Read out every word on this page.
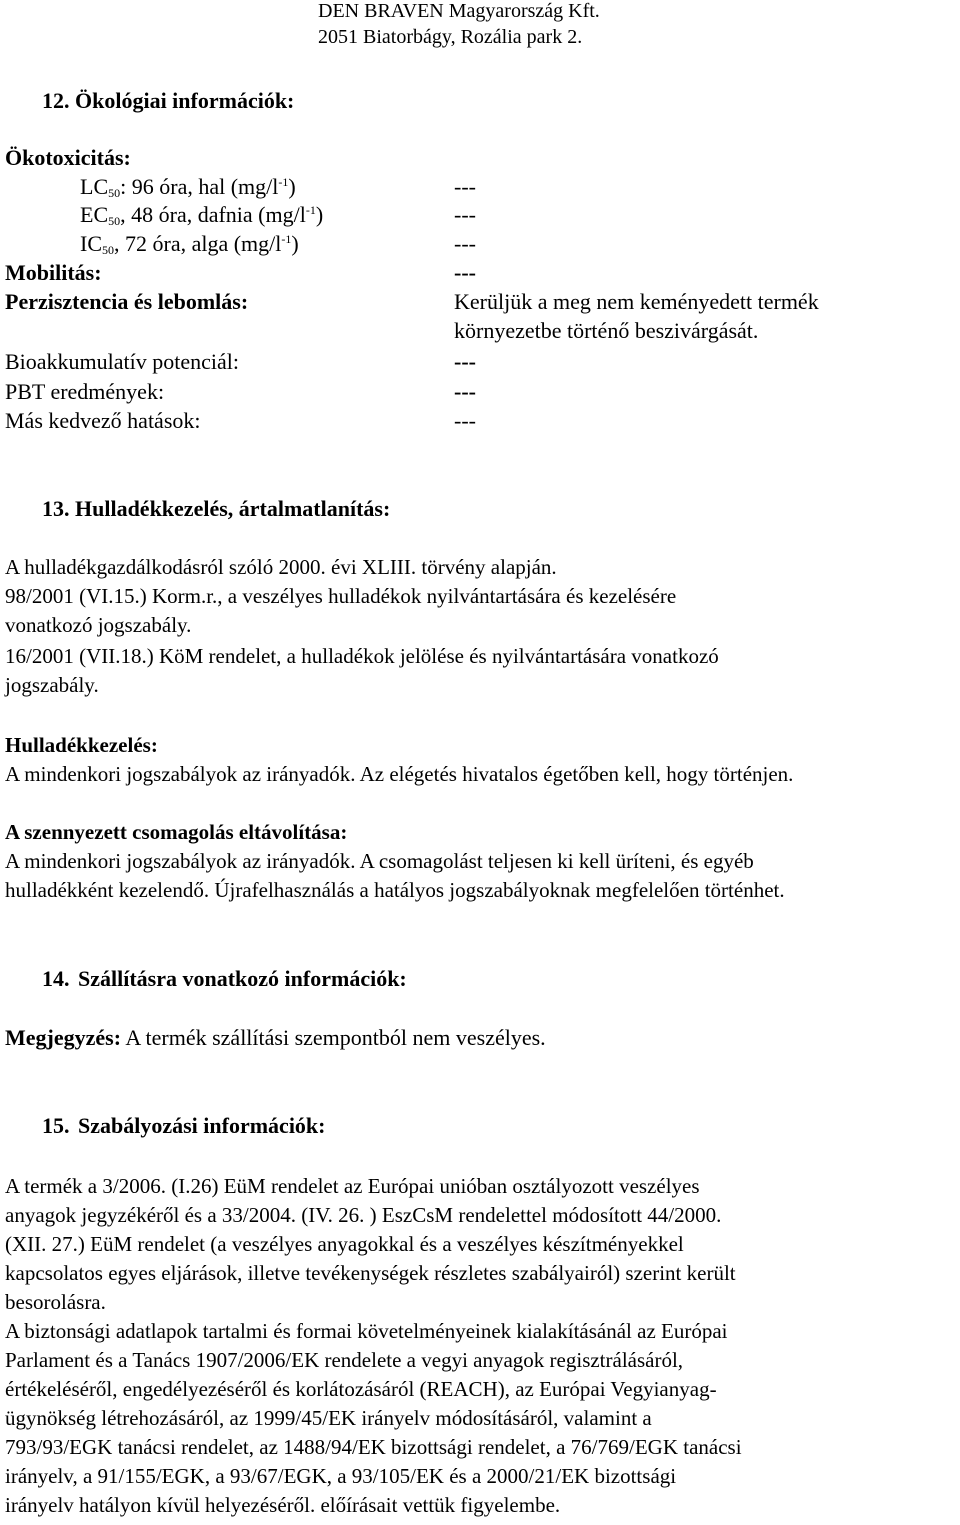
DEN BRAVEN Magyarország Kft.
2051 Biatorbágy, Rozália park 2.
12. Ökológiai információk:
Ökotoxicitás:
$LC_{50}$: 96 óra, hal $(mg/l^{-1})$	---
$EC_{50}$, 48 óra, dafnia $(mg/l^{-1})$	---
$IC_{50}$, 72 óra, alga $(mg/l^{-1})$	---
Mobilitás:	---
Perzisztencia és lebomlás:	Kerüljük a meg nem keményedett termék
környezetbe történő beszivárgását.
Bioakkumulatív potenciál:	---
PBT eredmények:	---
Más kedvező hatások:	---
13. Hulladékkezelés, ártalmatlanítás:
A hulladékgazdálkodásról szóló 2000. évi XLIII. törvény alapján.
98/2001 (VI.15.) Korm.r., a veszélyes hulladékok nyilvántartására és kezelésére
vonatkozó jogszabály.
16/2001 (VII.18.) KöM rendelet, a hulladékok jelölése és nyilvántartására vonatkozó
jogszabály.
Hulladékkezelés:
A mindenkori jogszabályok az irányadók. Az elégetés hivatalos égetőben kell, hogy történjen.
A szennyezett csomagolás eltávolítása:
A mindenkori jogszabályok az irányadók. A csomagolást teljesen ki kell üríteni, és egyéb
hulladékként kezelendő. Újrafelhasználás a hatályos jogszabályoknak megfelelően történhet.
14. Szállításra vonatkozó információk:
Megjegyzés: A termék szállítási szempontból nem veszélyes.
15. Szabályozási információk:
A termék a 3/2006. (I.26) EüM rendelet az Európai unióban osztályozott veszélyes
anyagok jegyzékéről és a 33/2004. (IV. 26. ) EszCsM rendelettel módosított 44/2000.
(XII. 27.) EüM rendelet (a veszélyes anyagokkal és a veszélyes készítményekkel
kapcsolatos egyes eljárások, illetve tevékenységek részletes szabályairól) szerint került
besorolásra.
A biztonsági adatlapok tartalmi és formai követelményeinek kialakításánál az Európai
Parlament és a Tanács 1907/2006/EK rendelete a vegyi anyagok regisztrálásáról,
értékeléséről, engedélyezéséről és korlátozásáról (REACH), az Európai Vegyianyag-
ügynökség létrehozásáról, az 1999/45/EK irányelv módosításáról, valamint a
793/93/EGK tanácsi rendelet, az 1488/94/EK bizottsági rendelet, a 76/769/EGK tanácsi
irányelv, a 91/155/EGK, a 93/67/EGK, a 93/105/EK és a 2000/21/EK bizottsági
irányelv hatályon kívül helyezéséről. előírásait vettük figyelembe.
